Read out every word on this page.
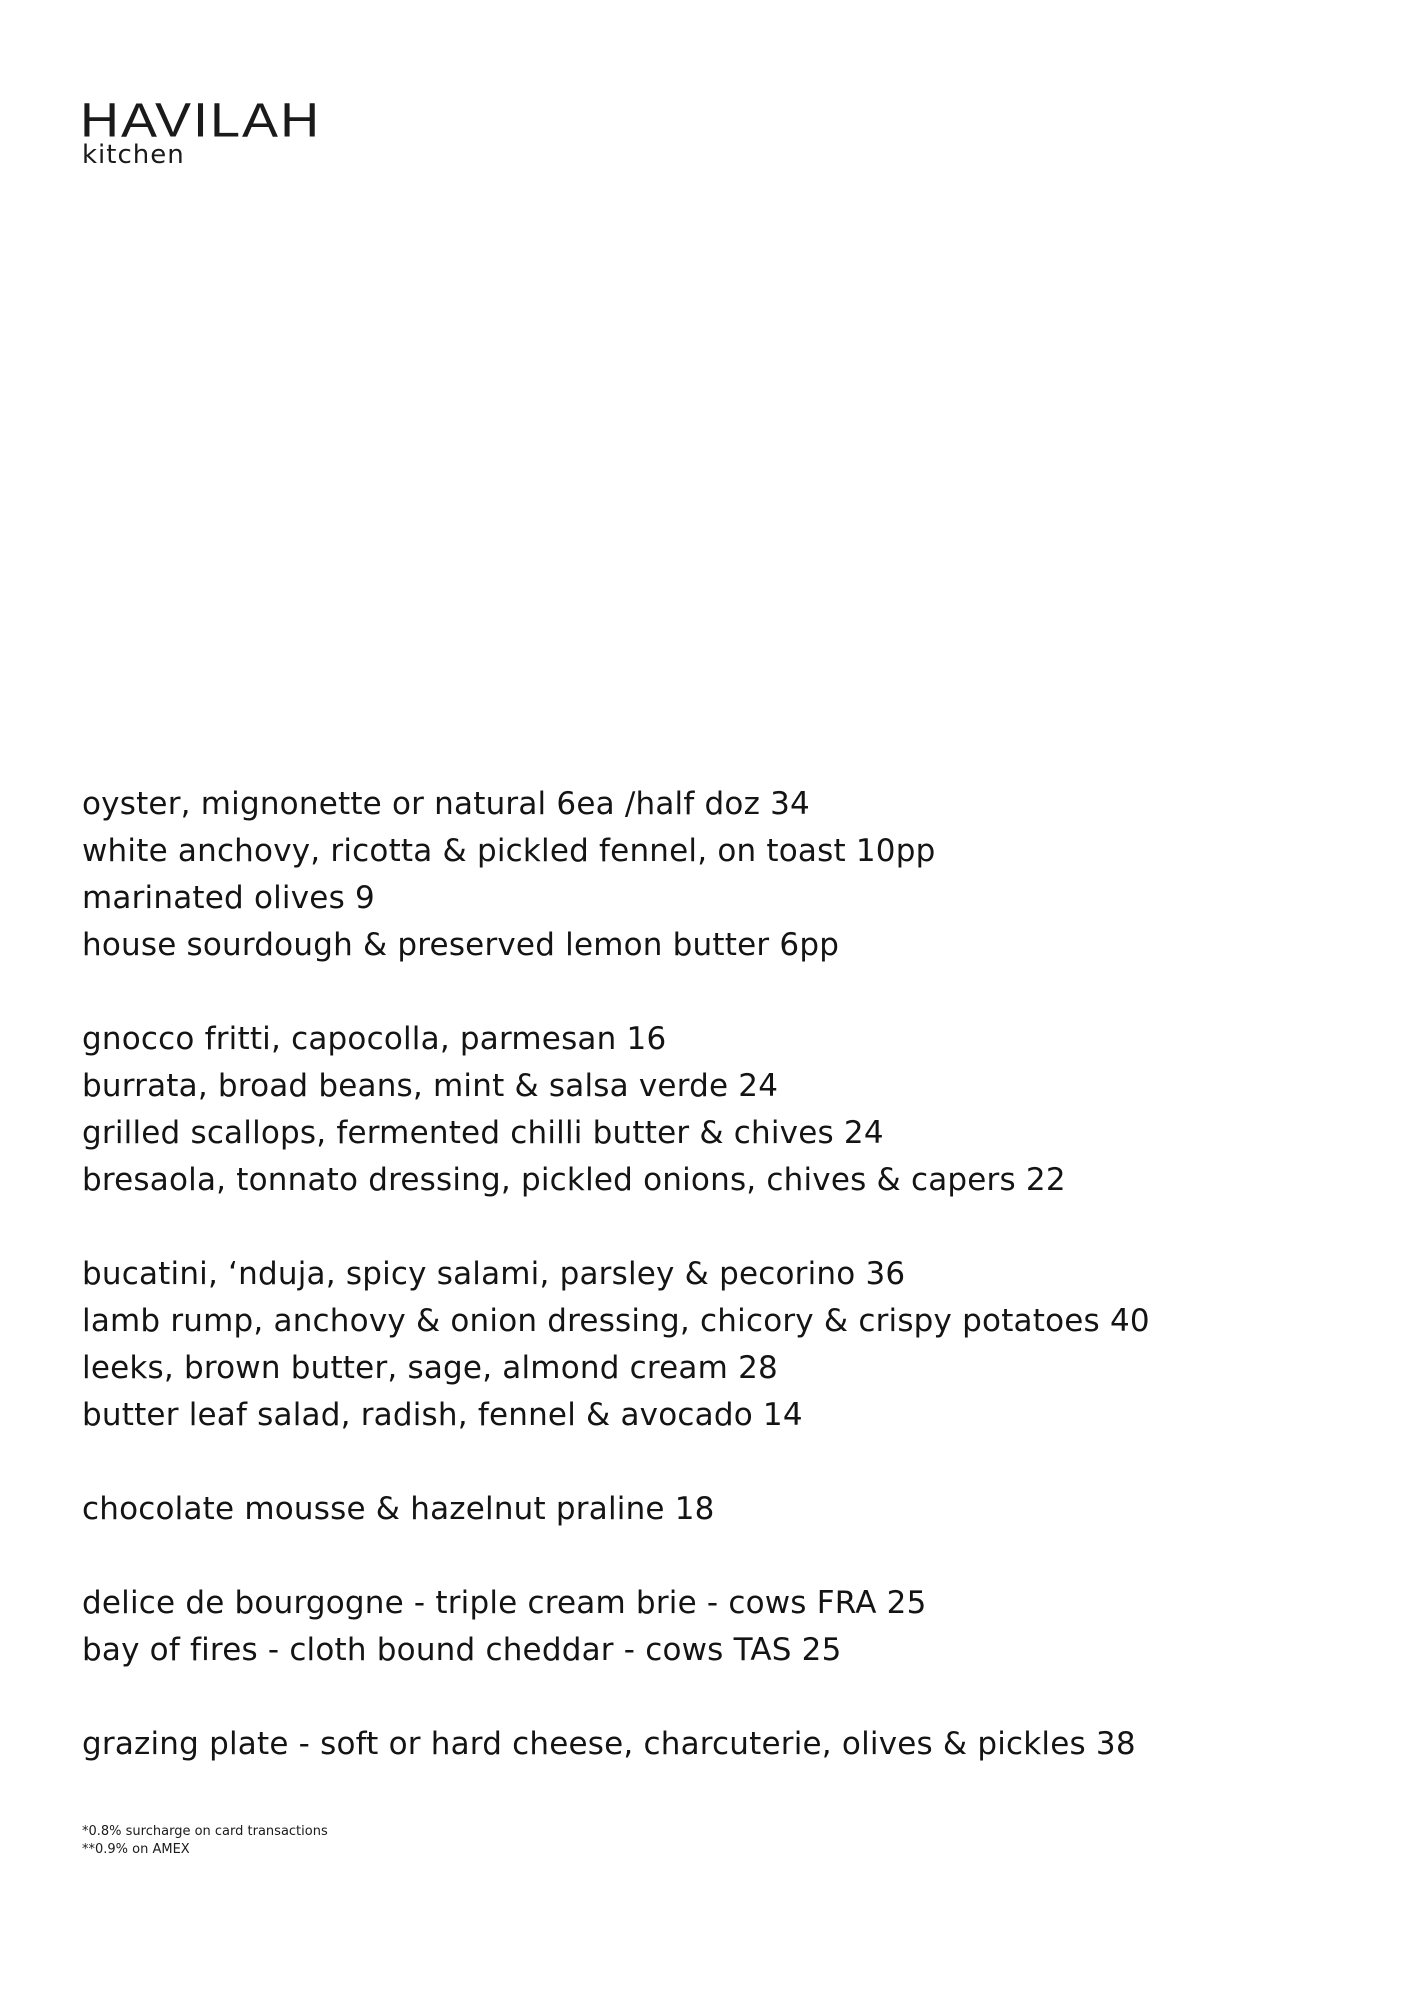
HAVILAH
kitchen
oyster, mignonette or natural 6ea /half doz 34
white anchovy, ricotta & pickled fennel, on toast 10pp
marinated olives 9
house sourdough & preserved lemon butter 6pp
gnocco fritti, capocolla, parmesan 16
burrata, broad beans, mint & salsa verde 24
grilled scallops, fermented chilli butter & chives 24
bresaola, tonnato dressing, pickled onions, chives & capers 22
bucatini, ‘nduja, spicy salami, parsley & pecorino 36
lamb rump, anchovy & onion dressing, chicory & crispy potatoes 40
leeks, brown butter, sage, almond cream 28
butter leaf salad, radish, fennel & avocado 14
chocolate mousse & hazelnut praline 18
delice de bourgogne - triple cream brie - cows FRA 25
bay of fires - cloth bound cheddar - cows TAS 25
grazing plate - soft or hard cheese, charcuterie, olives & pickles 38
*0.8% surcharge on card transactions
**0.9% on AMEX
